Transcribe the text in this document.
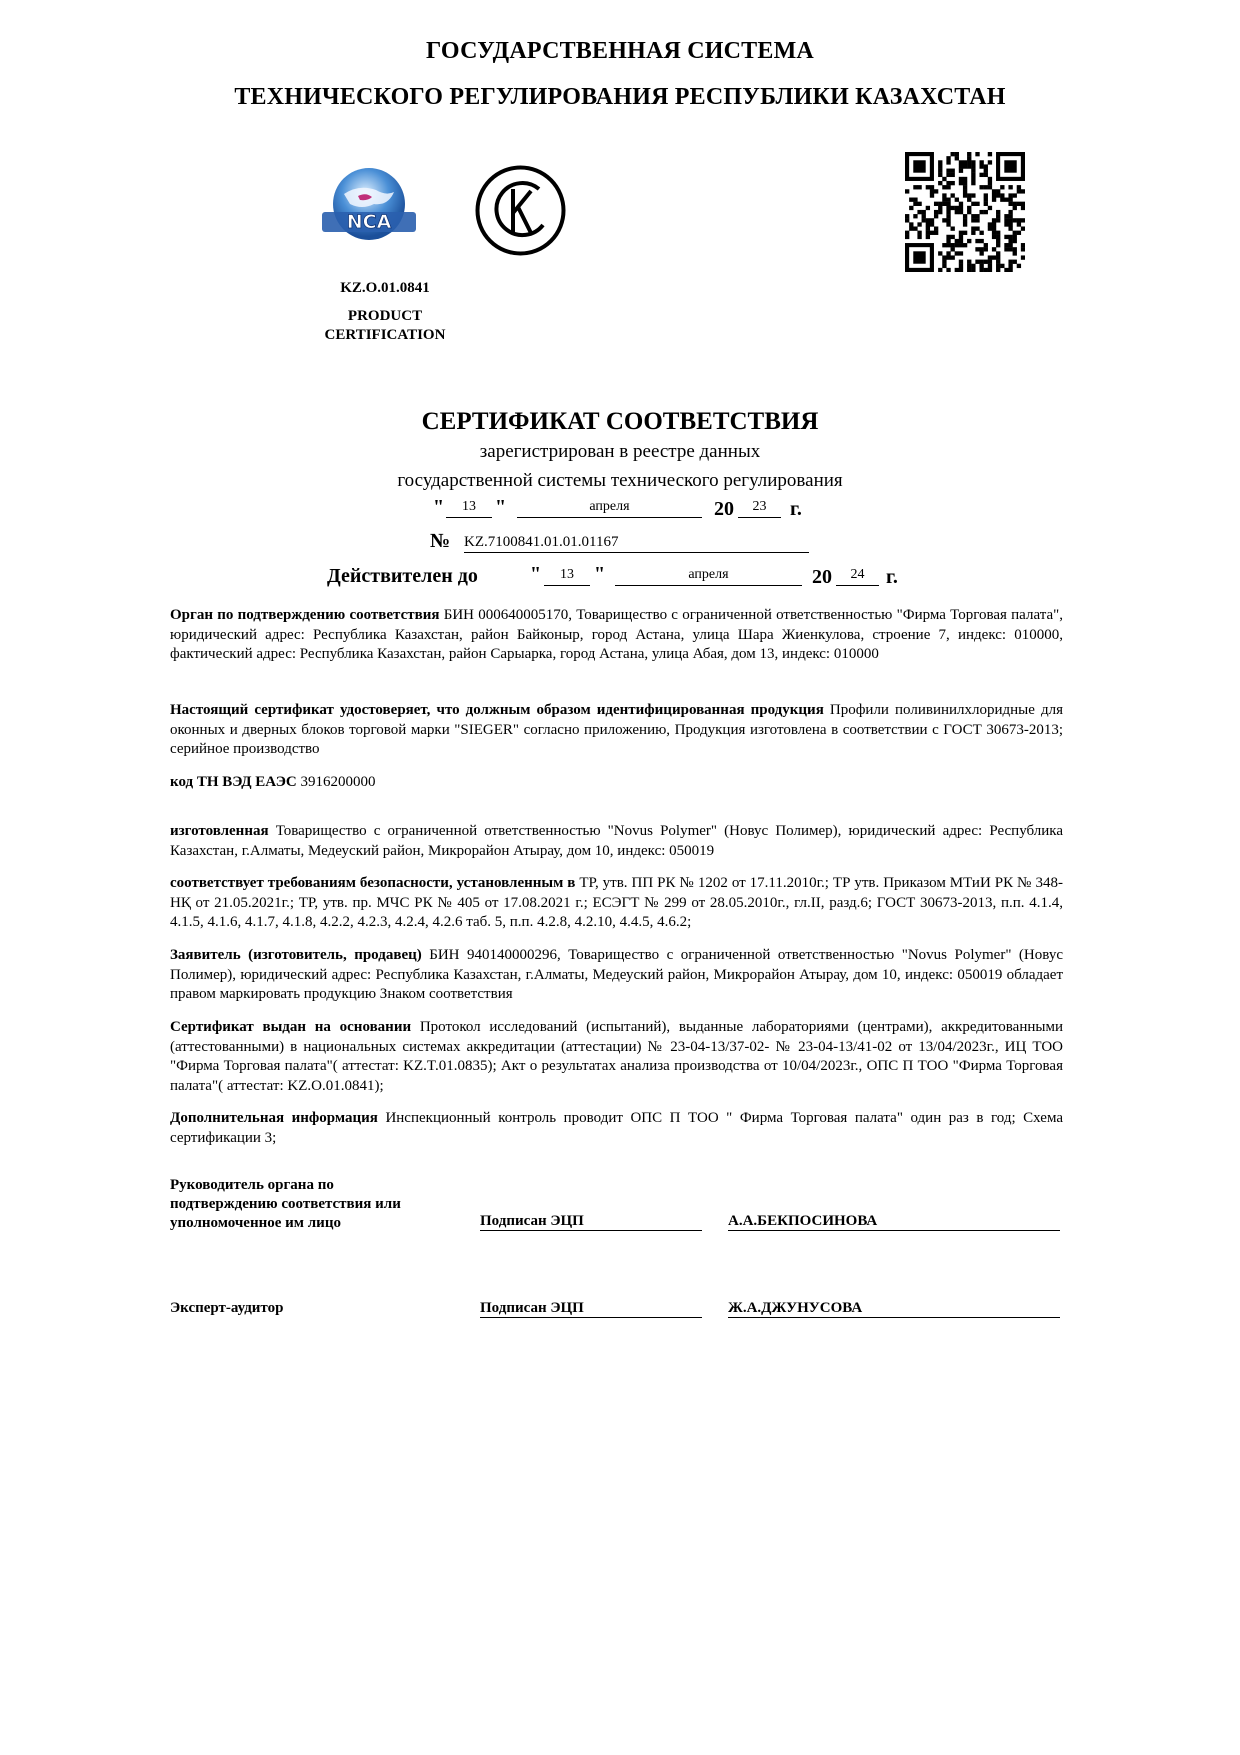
ГОСУДАРСТВЕННАЯ СИСТЕМА
ТЕХНИЧЕСКОГО РЕГУЛИРОВАНИЯ РЕСПУБЛИКИ КАЗАХСТАН
NCA
KZ.O.01.0841
PRODUCT
CERTIFICATION
СЕРТИФИКАТ СООТВЕТСТВИЯ
зарегистрирован в реестре данных
государственной системы технического регулирования
"	13 "	апреля	20	23	г.
№ KZ.7100841.01.01.01167
Действителен до	"	13	"	апреля	20	24	г.
Орган по подтверждению соответствия БИН 000640005170, Товарищество с ограниченной ответственностью "Фирма Торговая палата", юридический адрес: Республика Казахстан, район Байконыр, город Астана, улица Шара Жиенкулова, строение 7, индекс: 010000, фактический адрес: Республика Казахстан, район Сарыарка, город Астана, улица Абая, дом 13, индекс: 010000
Настоящий сертификат удостоверяет, что должным образом идентифицированная продукция Профили поливинилхлоридные для оконных и дверных блоков торговой марки "SIEGER" согласно приложению, Продукция изготовлена в соответствии с ГОСТ 30673-2013; серийное производство
код ТН ВЭД ЕАЭС 3916200000
изготовленная Товарищество с ограниченной ответственностью "Novus Polymer" (Новус Полимер), юридический адрес: Республика Казахстан, г.Алматы, Медеуский район, Микрорайон Атырау, дом 10, индекс: 050019
соответствует требованиям безопасности, установленным в ТР, утв. ПП РК № 1202 от 17.11.2010г.; ТР утв. Приказом МТиИ РК № 348-НҚ от 21.05.2021г.; ТР, утв. пр. МЧС РК № 405 от 17.08.2021 г.; ЕСЭГТ № 299 от 28.05.2010г., гл.II, разд.6; ГОСТ 30673-2013, п.п. 4.1.4, 4.1.5, 4.1.6, 4.1.7, 4.1.8, 4.2.2, 4.2.3, 4.2.4, 4.2.6 таб. 5, п.п. 4.2.8, 4.2.10, 4.4.5, 4.6.2;
Заявитель (изготовитель, продавец) БИН 940140000296, Товарищество с ограниченной ответственностью "Novus Polymer" (Новус Полимер), юридический адрес: Республика Казахстан, г.Алматы, Медеуский район, Микрорайон Атырау, дом 10, индекс: 050019 обладает правом маркировать продукцию Знаком соответствия
Сертификат выдан на основании Протокол исследований (испытаний), выданные лабораториями (центрами), аккредитованными (аттестованными) в национальных системах аккредитации (аттестации) № 23-04-13/37-02- № 23-04-13/41-02 от 13/04/2023г., ИЦ ТОО "Фирма Торговая палата"( аттестат: KZ.T.01.0835); Акт о результатах анализа производства от 10/04/2023г., ОПС П ТОО "Фирма Торговая палата"( аттестат: KZ.O.01.0841);
Дополнительная информация Инспекционный контроль проводит ОПС П ТОО " Фирма Торговая палата" один раз в год; Схема сертификации 3;
Руководитель органа по
подтверждению соответствия или
уполномоченное им лицо	Подписан ЭЦП	А.А.БЕКПОСИНОВА
Эксперт-аудитор	Подписан ЭЦП	Ж.А.ДЖУНУСОВА
